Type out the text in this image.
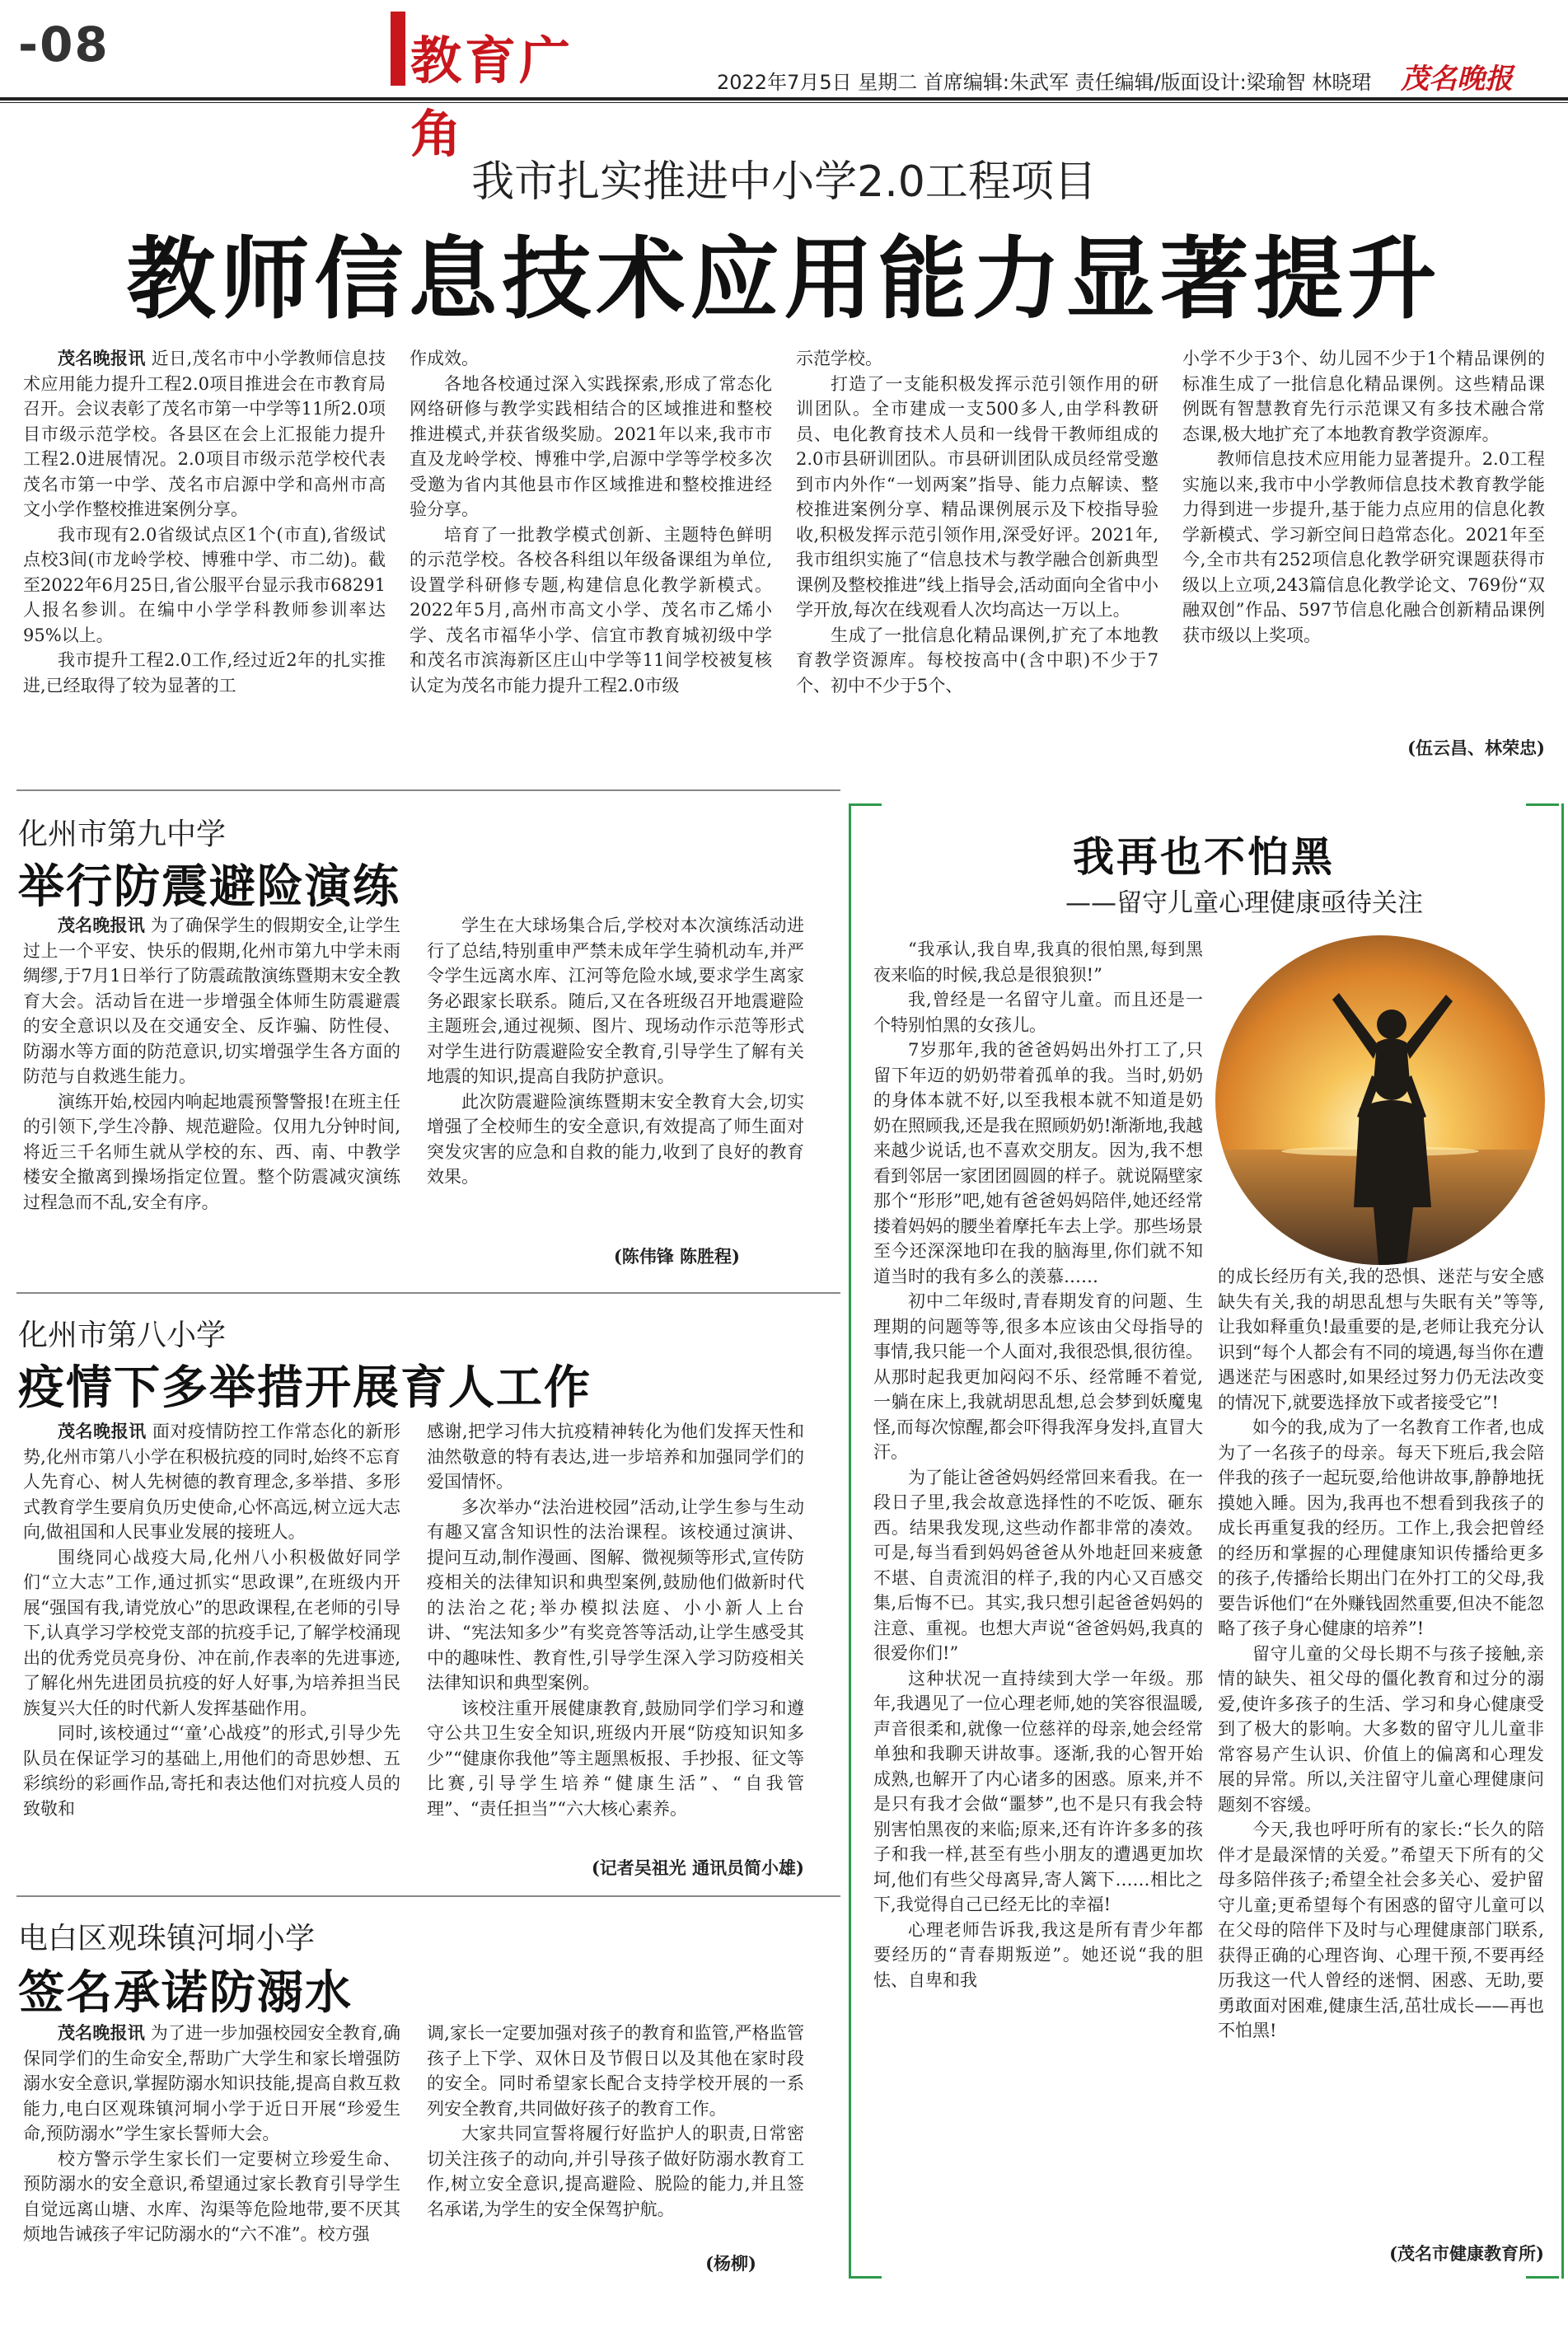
-08	教育广角
2022年7月5日 星期二 首席编辑:朱武军 责任编辑/版面设计:梁瑜智 林晓珺 茂名晚报
我市扎实推进中小学2.0工程项目
教师信息技术应用能力显著提升

茂名晚报讯 近日,茂名市中小学教师信息技术应用能力提升工程2.0项目推进会在市教育局召开。会议表彰了茂名市第一中学等11所2.0项目市级示范学校。各县区在会上汇报能力提升工程2.0进展情况。2.0项目市级示范学校代表茂名市第一中学、茂名市启源中学和高州市高文小学作整校推进案例分享。

我市现有2.0省级试点区1个(市直),省级试点校3间(市龙岭学校、博雅中学、市二幼)。截至2022年6月25日,省公服平台显示我市68291人报名参训。在编中小学学科教师参训率达95%以上。

我市提升工程2.0工作,经过近2年的扎实推进,已经取得了较为显著的工

作成效。

各地各校通过深入实践探索,形成了常态化网络研修与教学实践相结合的区域推进和整校推进模式,并获省级奖励。2021年以来,我市市直及龙岭学校、博雅中学,启源中学等学校多次受邀为省内其他县市作区域推进和整校推进经验分享。

培育了一批教学模式创新、主题特色鲜明的示范学校。各校各科组以年级备课组为单位,设置学科研修专题,构建信息化教学新模式。2022年5月,高州市高文小学、茂名市乙烯小学、茂名市福华小学、信宜市教育城初级中学和茂名市滨海新区庄山中学等11间学校被复核认定为茂名市能力提升工程2.0市级

示范学校。

打造了一支能积极发挥示范引领作用的研训团队。全市建成一支500多人,由学科教研员、电化教育技术人员和一线骨干教师组成的2.0市县研训团队。市县研训团队成员经常受邀到市内外作“一划两案”指导、能力点解读、整校推进案例分享、精品课例展示及下校指导验收,积极发挥示范引领作用,深受好评。2021年,我市组织实施了“信息技术与教学融合创新典型课例及整校推进”线上指导会,活动面向全省中小学开放,每次在线观看人次均高达一万以上。

生成了一批信息化精品课例,扩充了本地教育教学资源库。每校按高中(含中职)不少于7个、初中不少于5个、

小学不少于3个、幼儿园不少于1个精品课例的标准生成了一批信息化精品课例。这些精品课例既有智慧教育先行示范课又有多技术融合常态课,极大地扩充了本地教育教学资源库。

教师信息技术应用能力显著提升。2.0工程实施以来,我市中小学教师信息技术教育教学能力得到进一步提升,基于能力点应用的信息化教学新模式、学习新空间日趋常态化。2021年至今,全市共有252项信息化教学研究课题获得市级以上立项,243篇信息化教学论文、769份“双融双创”作品、597节信息化融合创新精品课例获市级以上奖项。

(伍云昌、林荣忠)
化州市第九中学
举行防震避险演练

茂名晚报讯 为了确保学生的假期安全,让学生过上一个平安、快乐的假期,化州市第九中学未雨绸缪,于7月1日举行了防震疏散演练暨期末安全教育大会。活动旨在进一步增强全体师生防震避震的安全意识以及在交通安全、反诈骗、防性侵、防溺水等方面的防范意识,切实增强学生各方面的防范与自救逃生能力。

演练开始,校园内响起地震预警警报!在班主任的引领下,学生冷静、规范避险。仅用九分钟时间,将近三千名师生就从学校的东、西、南、中教学楼安全撤离到操场指定位置。整个防震减灾演练过程急而不乱,安全有序。

学生在大球场集合后,学校对本次演练活动进行了总结,特别重申严禁未成年学生骑机动车,并严令学生远离水库、江河等危险水域,要求学生离家务必跟家长联系。随后,又在各班级召开地震避险主题班会,通过视频、图片、现场动作示范等形式对学生进行防震避险安全教育,引导学生了解有关地震的知识,提高自我防护意识。

此次防震避险演练暨期末安全教育大会,切实增强了全校师生的安全意识,有效提高了师生面对突发灾害的应急和自救的能力,收到了良好的教育效果。

(陈伟锋 陈胜程)
化州市第八小学
疫情下多举措开展育人工作

茂名晚报讯 面对疫情防控工作常态化的新形势,化州市第八小学在积极抗疫的同时,始终不忘育人先育心、树人先树德的教育理念,多举措、多形式教育学生要肩负历史使命,心怀高远,树立远大志向,做祖国和人民事业发展的接班人。

围绕同心战疫大局,化州八小积极做好同学们“立大志”工作,通过抓实“思政课”,在班级内开展“强国有我,请党放心”的思政课程,在老师的引导下,认真学习学校党支部的抗疫手记,了解学校涌现出的优秀党员亮身份、冲在前,作表率的先进事迹,了解化州先进团员抗疫的好人好事,为培养担当民族复兴大任的时代新人发挥基础作用。

同时,该校通过“‘童’心战疫”的形式,引导少先队员在保证学习的基础上,用他们的奇思妙想、五彩缤纷的彩画作品,寄托和表达他们对抗疫人员的致敬和

感谢,把学习伟大抗疫精神转化为他们发挥天性和油然敬意的特有表达,进一步培养和加强同学们的爱国情怀。

多次举办“法治进校园”活动,让学生参与生动有趣又富含知识性的法治课程。该校通过演讲、提问互动,制作漫画、图解、微视频等形式,宣传防疫相关的法律知识和典型案例,鼓励他们做新时代的法治之花;举办模拟法庭、小小新人上台讲、“宪法知多少”有奖竞答等活动,让学生感受其中的趣味性、教育性,引导学生深入学习防疫相关法律知识和典型案例。

该校注重开展健康教育,鼓励同学们学习和遵守公共卫生安全知识,班级内开展“防疫知识知多少”“健康你我他”等主题黑板报、手抄报、征文等比赛,引导学生培养“健康生活”、“自我管理”、“责任担当”“六大核心素养。

(记者吴祖光 通讯员简小雄)
电白区观珠镇河垌小学
签名承诺防溺水

茂名晚报讯 为了进一步加强校园安全教育,确保同学们的生命安全,帮助广大学生和家长增强防溺水安全意识,掌握防溺水知识技能,提高自救互救能力,电白区观珠镇河垌小学于近日开展“珍爱生命,预防溺水”学生家长誓师大会。

校方警示学生家长们一定要树立珍爱生命、预防溺水的安全意识,希望通过家长教育引导学生自觉远离山塘、水库、沟渠等危险地带,要不厌其烦地告诫孩子牢记防溺水的“六不准”。校方强

调,家长一定要加强对孩子的教育和监管,严格监管孩子上下学、双休日及节假日以及其他在家时段的安全。同时希望家长配合支持学校开展的一系列安全教育,共同做好孩子的教育工作。

大家共同宣誓将履行好监护人的职责,日常密切关注孩子的动向,并引导孩子做好防溺水教育工作,树立安全意识,提高避险、脱险的能力,并且签名承诺,为学生的安全保驾护航。

(杨柳)
我再也不怕黑
——留守儿童心理健康亟待关注

“我承认,我自卑,我真的很怕黑,每到黑夜来临的时候,我总是很狼狈!”

我,曾经是一名留守儿童。而且还是一个特别怕黑的女孩儿。

7岁那年,我的爸爸妈妈出外打工了,只留下年迈的奶奶带着孤单的我。当时,奶奶的身体本就不好,以至我根本就不知道是奶奶在照顾我,还是我在照顾奶奶!渐渐地,我越来越少说话,也不喜欢交朋友。因为,我不想看到邻居一家团团圆圆的样子。就说隔壁家那个“形形”吧,她有爸爸妈妈陪伴,她还经常搂着妈妈的腰坐着摩托车去上学。那些场景至今还深深地印在我的脑海里,你们就不知道当时的我有多么的羡慕……

初中二年级时,青春期发育的问题、生理期的问题等等,很多本应该由父母指导的事情,我只能一个人面对,我很恐惧,很彷徨。从那时起我更加闷闷不乐、经常睡不着觉,一躺在床上,我就胡思乱想,总会梦到妖魔鬼怪,而每次惊醒,都会吓得我浑身发抖,直冒大汗。

为了能让爸爸妈妈经常回来看我。在一段日子里,我会故意选择性的不吃饭、砸东西。结果我发现,这些动作都非常的凑效。可是,每当看到妈妈爸爸从外地赶回来疲惫不堪、自责流泪的样子,我的内心又百感交集,后悔不已。其实,我只想引起爸爸妈妈的注意、重视。也想大声说“爸爸妈妈,我真的很爱你们!”

这种状况一直持续到大学一年级。那年,我遇见了一位心理老师,她的笑容很温暖,声音很柔和,就像一位慈祥的母亲,她会经常单独和我聊天讲故事。逐渐,我的心智开始成熟,也解开了内心诸多的困惑。原来,并不是只有我才会做“噩梦”,也不是只有我会特别害怕黑夜的来临;原来,还有许许多多的孩子和我一样,甚至有些小朋友的遭遇更加坎坷,他们有些父母离异,寄人篱下……相比之下,我觉得自己已经无比的幸福!

心理老师告诉我,我这是所有青少年都要经历的“青春期叛逆”。她还说“我的胆怯、自卑和我

的成长经历有关,我的恐惧、迷茫与安全感缺失有关,我的胡思乱想与失眠有关”等等,让我如释重负!最重要的是,老师让我充分认识到“每个人都会有不同的境遇,每当你在遭遇迷茫与困惑时,如果经过努力仍无法改变的情况下,就要选择放下或者接受它”!

如今的我,成为了一名教育工作者,也成为了一名孩子的母亲。每天下班后,我会陪伴我的孩子一起玩耍,给他讲故事,静静地抚摸她入睡。因为,我再也不想看到我孩子的成长再重复我的经历。工作上,我会把曾经的经历和掌握的心理健康知识传播给更多的孩子,传播给长期出门在外打工的父母,我要告诉他们“在外赚钱固然重要,但决不能忽略了孩子身心健康的培养”!

留守儿童的父母长期不与孩子接触,亲情的缺失、祖父母的僵化教育和过分的溺爱,使许多孩子的生活、学习和身心健康受到了极大的影响。大多数的留守儿儿童非常容易产生认识、价值上的偏离和心理发展的异常。所以,关注留守儿童心理健康问题刻不容缓。

今天,我也呼吁所有的家长:“长久的陪伴才是最深情的关爱。”希望天下所有的父母多陪伴孩子;希望全社会多关心、爱护留守儿童;更希望每个有困惑的留守儿童可以在父母的陪伴下及时与心理健康部门联系,获得正确的心理咨询、心理干预,不要再经历我这一代人曾经的迷惘、困惑、无助,要勇敢面对困难,健康生活,茁壮成长——再也不怕黑!

(茂名市健康教育所)
